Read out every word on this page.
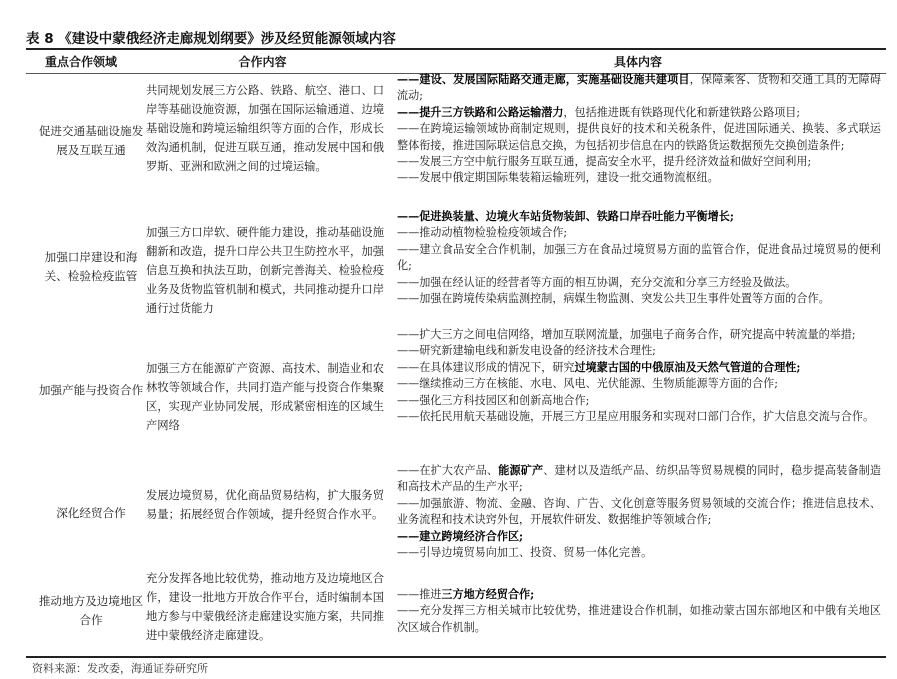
表 8 《建设中蒙俄经济走廊规划纲要》涉及经贸能源领域内容
重点合作领域	合作内容	具体内容
促进交通基础设施发展及互联互通
共同规划发展三方公路、铁路、航空、港口、口岸等基础设施资源，加强在国际运输通道、边境基础设施和跨境运输组织等方面的合作，形成长效沟通机制，促进互联互通，推动发展中国和俄罗斯、亚洲和欧洲之间的过境运输。

——建设、发展国际陆路交通走廊，实施基础设施共建项目，保障乘客、货物和交通工具的无障碍流动;

——提升三方铁路和公路运输潜力，包括推进既有铁路现代化和新建铁路公路项目;

——在跨境运输领域协商制定规则，提供良好的技术和关税条件，促进国际通关、换装、多式联运整体衔接，推进国际联运信息交换，为包括初步信息在内的铁路货运数据预先交换创造条件;

——发展三方空中航行服务互联互通，提高安全水平，提升经济效益和做好空间利用;

——发展中俄定期国际集装箱运输班列，建设一批交通物流枢纽。

加强口岸建设和海关、检验检疫监管
加强三方口岸软、硬件能力建设，推动基础设施翻新和改造，提升口岸公共卫生防控水平，加强信息互换和执法互助，创新完善海关、检验检疫业务及货物监管机制和模式，共同推动提升口岸通行过货能力

——促进换装量、边境火车站货物装卸、铁路口岸吞吐能力平衡增长;

——推动动植物检验检疫领域合作;

——建立食品安全合作机制，加强三方在食品过境贸易方面的监管合作，促进食品过境贸易的便利化;

——加强在经认证的经营者等方面的相互协调，充分交流和分享三方经验及做法。

——加强在跨境传染病监测控制，病媒生物监测、突发公共卫生事件处置等方面的合作。

加强产能与投资合作
加强三方在能源矿产资源、高技术、制造业和农林牧等领域合作，共同打造产能与投资合作集聚区，实现产业协同发展，形成紧密相连的区域生产网络

——扩大三方之间电信网络，增加互联网流量，加强电子商务合作，研究提高中转流量的举措;

——研究新建输电线和新发电设备的经济技术合理性;

——在具体建议形成的情况下，研究过境蒙古国的中俄原油及天然气管道的合理性;

——继续推动三方在核能、水电、风电、光伏能源、生物质能源等方面的合作;

——强化三方科技园区和创新高地合作;

——依托民用航天基础设施，开展三方卫星应用服务和实现对口部门合作，扩大信息交流与合作。

深化经贸合作
发展边境贸易，优化商品贸易结构，扩大服务贸易量；拓展经贸合作领域，提升经贸合作水平。

——在扩大农产品、能源矿产、建材以及造纸产品、纺织品等贸易规模的同时，稳步提高装备制造和高技术产品的生产水平;

——加强旅游、物流、金融、咨询、广告、文化创意等服务贸易领域的交流合作；推进信息技术、业务流程和技术诀窍外包，开展软件研发、数据维护等领域合作;

——建立跨境经济合作区;

——引导边境贸易向加工、投资、贸易一体化完善。

推动地方及边境地区合作
充分发挥各地比较优势，推动地方及边境地区合作，建设一批地方开放合作平台，适时编制本国地方参与中蒙俄经济走廊建设实施方案，共同推进中蒙俄经济走廊建设。

——推进三方地方经贸合作;

——充分发挥三方相关城市比较优势，推进建设合作机制，如推动蒙古国东部地区和中俄有关地区次区域合作机制。

资料来源：发改委，海通证券研究所
